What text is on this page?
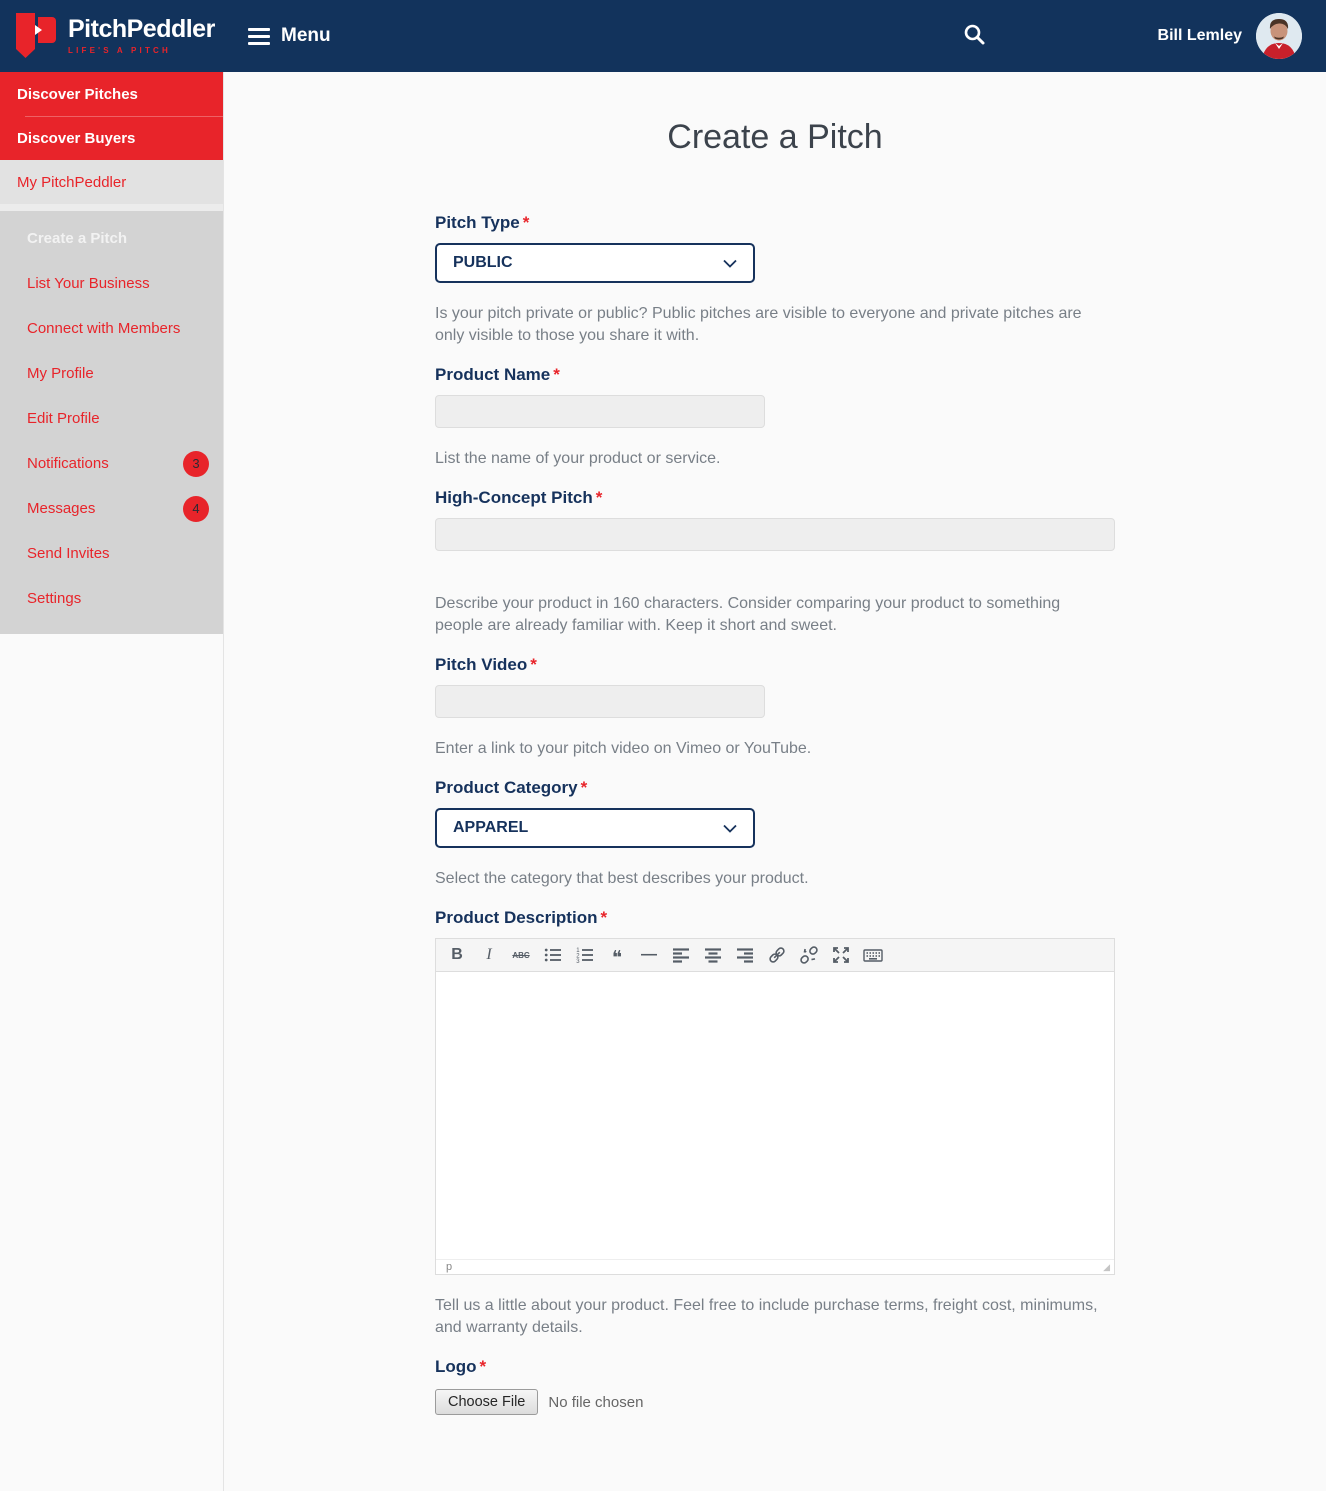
PitchPeddler
LIFE'S A PITCH
Menu	Bill Lemley
Discover Pitches
Discover Buyers
My PitchPeddler
Create a Pitch
List Your Business
Connect with Members
My Profile
Edit Profile
Notifications	3
Messages	4
Send Invites
Settings
Create a Pitch
Pitch Type *
PUBLIC

Is your pitch private or public? Public pitches are visible to everyone and private pitches are only visible to those you share it with.

Product Name *

List the name of your product or service.

High-Concept Pitch *

Describe your product in 160 characters. Consider comparing your product to something people are already familiar with. Keep it short and sweet.

Pitch Video *

Enter a link to your pitch video on Vimeo or YouTube.

Product Category *
APPAREL

Select the category that best describes your product.

Product Description *
B I	ABC	1
2
3 ❝ —
p	◢

Tell us a little about your product. Feel free to include purchase terms, freight cost, minimums, and warranty details.

Logo *
Choose File	No file chosen
